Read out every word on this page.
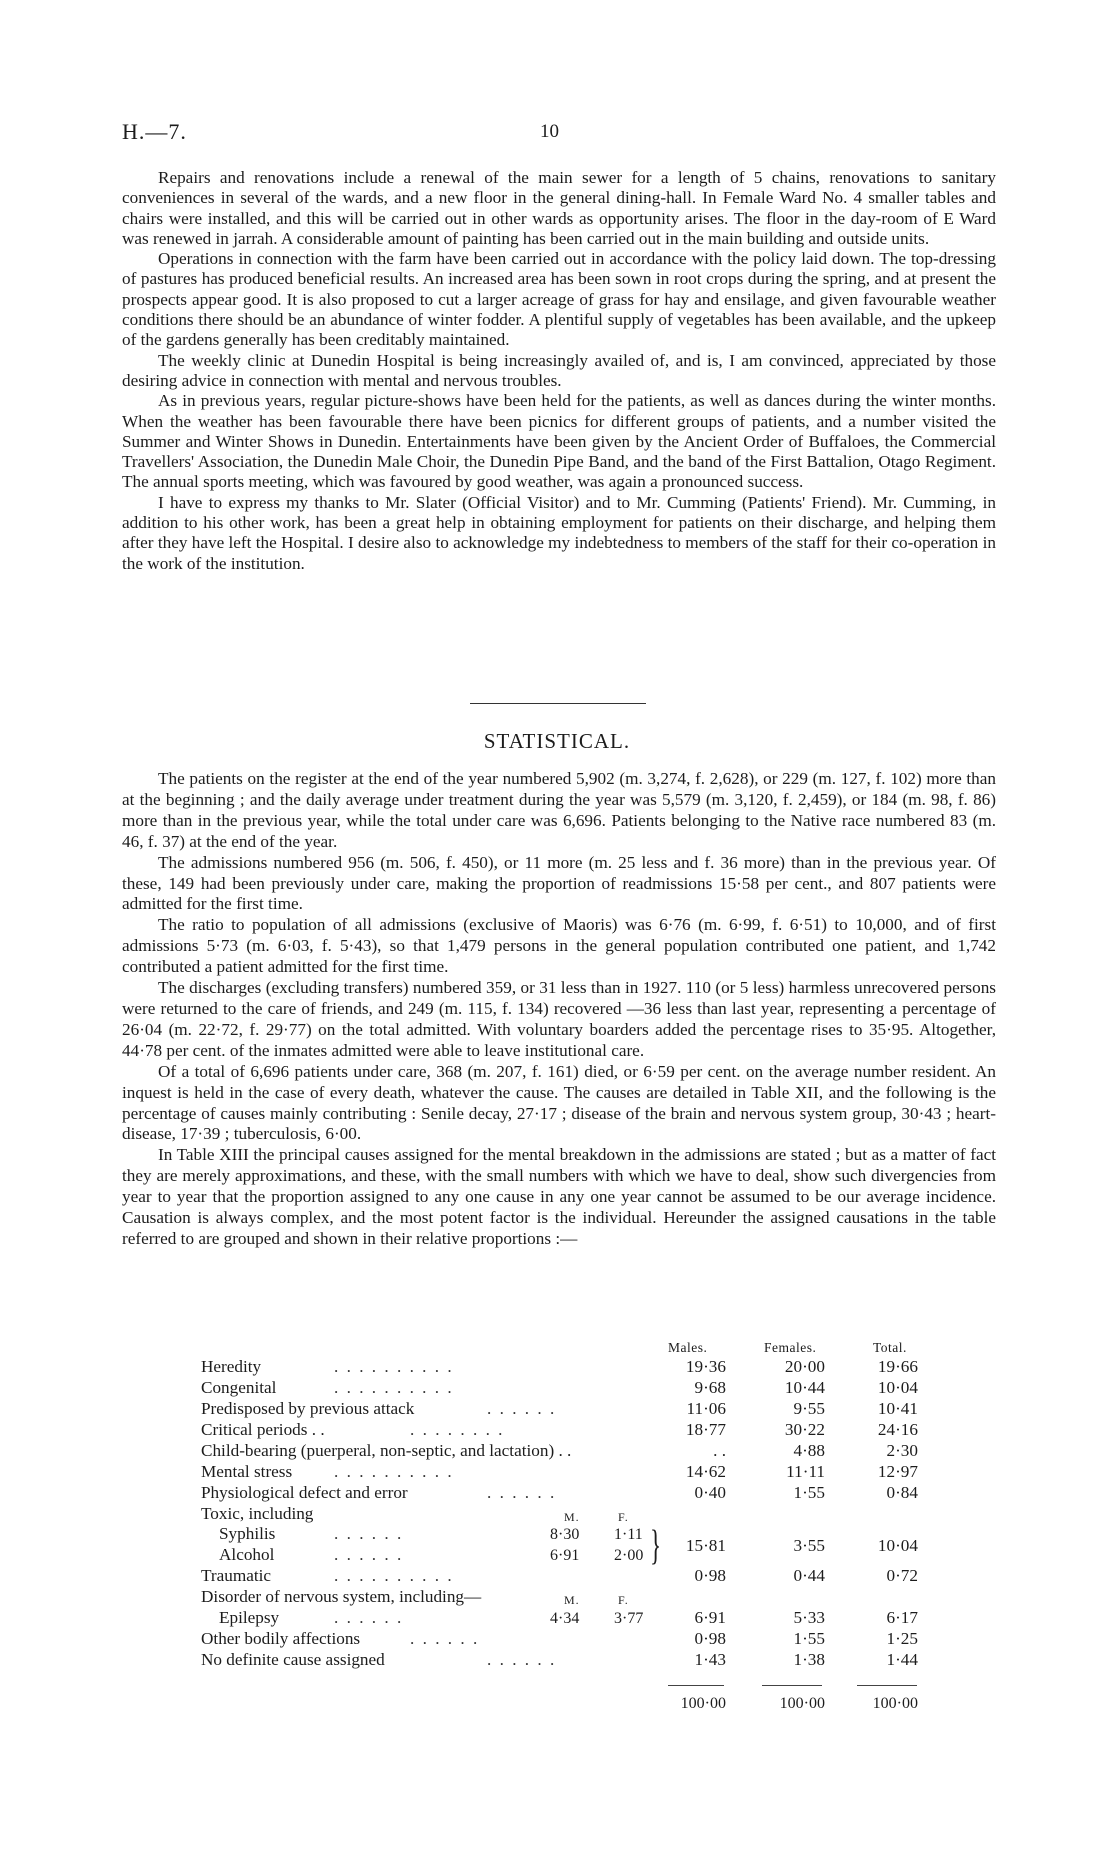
H.—7.	10

Repairs and renovations include a renewal of the main sewer for a length of 5 chains, renovations to sanitary conveniences in several of the wards, and a new floor in the general dining-hall. In Female Ward No. 4 smaller tables and chairs were installed, and this will be carried out in other wards as opportunity arises. The floor in the day-room of E Ward was renewed in jarrah. A considerable amount of painting has been carried out in the main building and outside units.

Operations in connection with the farm have been carried out in accordance with the policy laid down. The top-dressing of pastures has produced beneficial results. An increased area has been sown in root crops during the spring, and at present the prospects appear good. It is also proposed to cut a larger acreage of grass for hay and ensilage, and given favourable weather conditions there should be an abundance of winter fodder. A plentiful supply of vegetables has been available, and the upkeep of the gardens generally has been creditably maintained.

The weekly clinic at Dunedin Hospital is being increasingly availed of, and is, I am convinced, appreciated by those desiring advice in connection with mental and nervous troubles.

As in previous years, regular picture-shows have been held for the patients, as well as dances during the winter months. When the weather has been favourable there have been picnics for different groups of patients, and a number visited the Summer and Winter Shows in Dunedin. Entertainments have been given by the Ancient Order of Buffaloes, the Commercial Travellers' Association, the Dunedin Male Choir, the Dunedin Pipe Band, and the band of the First Battalion, Otago Regiment. The annual sports meeting, which was favoured by good weather, was again a pronounced success.

I have to express my thanks to Mr. Slater (Official Visitor) and to Mr. Cumming (Patients' Friend). Mr. Cumming, in addition to his other work, has been a great help in obtaining employment for patients on their discharge, and helping them after they have left the Hospital. I desire also to acknowledge my indebtedness to members of the staff for their co-operation in the work of the institution.

STATISTICAL.

The patients on the register at the end of the year numbered 5,902 (m. 3,274, f. 2,628), or 229 (m. 127, f. 102) more than at the beginning ; and the daily average under treatment during the year was 5,579 (m. 3,120, f. 2,459), or 184 (m. 98, f. 86) more than in the previous year, while the total under care was 6,696. Patients belonging to the Native race numbered 83 (m. 46, f. 37) at the end of the year.

The admissions numbered 956 (m. 506, f. 450), or 11 more (m. 25 less and f. 36 more) than in the previous year. Of these, 149 had been previously under care, making the proportion of readmissions 15·58 per cent., and 807 patients were admitted for the first time.

The ratio to population of all admissions (exclusive of Maoris) was 6·76 (m. 6·99, f. 6·51) to 10,000, and of first admissions 5·73 (m. 6·03, f. 5·43), so that 1,479 persons in the general population contributed one patient, and 1,742 contributed a patient admitted for the first time.

The discharges (excluding transfers) numbered 359, or 31 less than in 1927. 110 (or 5 less) harmless unrecovered persons were returned to the care of friends, and 249 (m. 115, f. 134) recovered —36 less than last year, representing a percentage of 26·04 (m. 22·72, f. 29·77) on the total admitted. With voluntary boarders added the percentage rises to 35·95. Altogether, 44·78 per cent. of the inmates admitted were able to leave institutional care.

Of a total of 6,696 patients under care, 368 (m. 207, f. 161) died, or 6·59 per cent. on the average number resident. An inquest is held in the case of every death, whatever the cause. The causes are detailed in Table XII, and the following is the percentage of causes mainly contributing : Senile decay, 27·17 ; disease of the brain and nervous system group, 30·43 ; heart-disease, 17·39 ; tuberculosis, 6·00.

In Table XIII the principal causes assigned for the mental breakdown in the admissions are stated ; but as a matter of fact they are merely approximations, and these, with the small numbers with which we have to deal, show such divergencies from year to year that the proportion assigned to any one cause in any one year cannot be assumed to be our average incidence. Causation is always complex, and the most potent factor is the individual. Hereunder the assigned causations in the table referred to are grouped and shown in their relative proportions :—

Males.	Females.	Total.
Heredity	. . . . . . . . . .	19·36	20·00	19·66
Congenital	. . . . . . . . . .	9·68	10·44	10·04
Predisposed by previous attack	. . . . . .	11·06	9·55	10·41
Critical periods . .	. . . . . . . .	18·77	30·22	24·16
Child-bearing (puerperal, non-septic, and lactation) . .	. .	4·88	2·30
Mental stress . . . . . . . . . .	14·62	11·11	12·97
Physiological defect and error	. . . . . .	0·40	1·55	0·84
Toxic, including	M.	F.
Syphilis	. . . . . .	8·30 1·11
Alcohol	. . . . . .	6·91 2·00 }	15·81	3·55	10·04
Traumatic	. . . . . . . . . .	0·98	0·44	0·72
Disorder of nervous system, including—	M.	F.
Epilepsy	. . . . . .	4·34 3·77	6·91	5·33	6·17
Other bodily affections	. . . . . .	0·98	1·55	1·25
No definite cause assigned	. . . . . .	1·43	1·38	1·44
100·00	100·00	100·00
